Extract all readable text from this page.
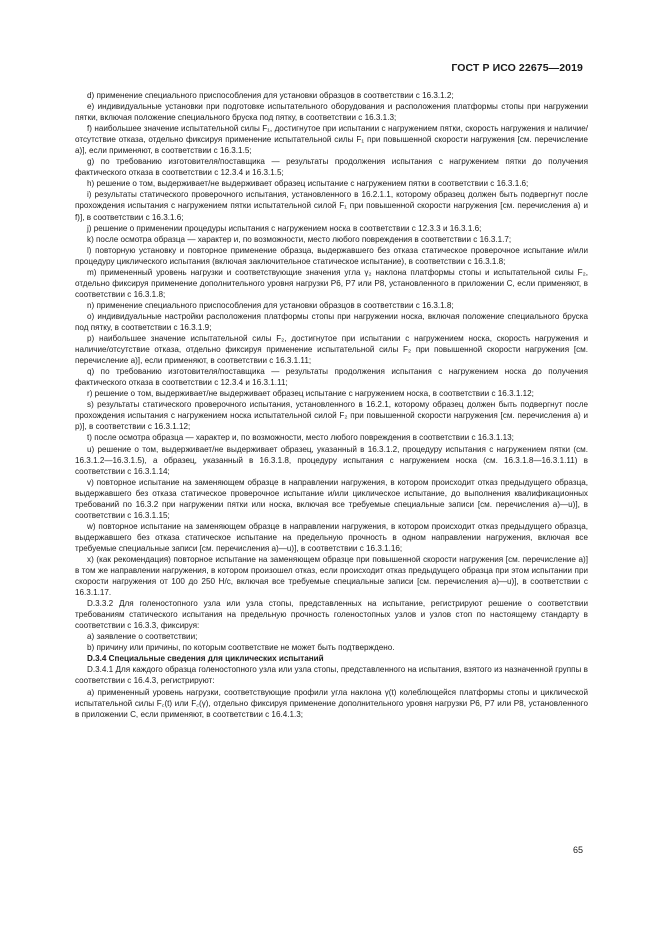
ГОСТ Р ИСО 22675—2019

d) применение специального приспособления для установки образцов в соответствии с 16.3.1.2;

e) индивидуальные установки при подготовке испытательного оборудования и расположения платформы стопы при нагружении пятки, включая положение специального бруска под пятку, в соответствии с 16.3.1.3;

f) наибольшее значение испытательной силы F₁, достигнутое при испытании с нагружением пятки, скорость нагружения и наличие/отсутствие отказа, отдельно фиксируя применение испытательной силы F₁ при повышенной скорости нагружения [см. перечисление a)], если применяют, в соответствии с 16.3.1.5;

g) по требованию изготовителя/поставщика — результаты продолжения испытания с нагружением пятки до получения фактического отказа в соответствии с 12.3.4 и 16.3.1.5;

h) решение о том, выдерживает/не выдерживает образец испытание с нагружением пятки в соответствии с 16.3.1.6;

i) результаты статического проверочного испытания, установленного в 16.2.1.1, которому образец должен быть подвергнут после прохождения испытания с нагружением пятки испытательной силой F₁ при повышенной скорости нагружения [см. перечисления a) и f)], в соответствии с 16.3.1.6;

j) решение о применении процедуры испытания с нагружением носка в соответствии с 12.3.3 и 16.3.1.6;

k) после осмотра образца — характер и, по возможности, место любого повреждения в соответствии с 16.3.1.7;

l) повторную установку и повторное применение образца, выдержавшего без отказа статическое проверочное испытание и/или процедуру циклического испытания (включая заключительное статическое испытание), в соответствии с 16.3.1.8;

m) примененный уровень нагрузки и соответствующие значения угла γ₂ наклона платформы стопы и испытательной силы F₂, отдельно фиксируя применение дополнительного уровня нагрузки P6, P7 или P8, установленного в приложении C, если применяют, в соответствии с 16.3.1.8;

n) применение специального приспособления для установки образцов в соответствии с 16.3.1.8;

o) индивидуальные настройки расположения платформы стопы при нагружении носка, включая положение специального бруска под пятку, в соответствии с 16.3.1.9;

p) наибольшее значение испытательной силы F₂, достигнутое при испытании с нагружением носка, скорость нагружения и наличие/отсутствие отказа, отдельно фиксируя применение испытательной силы F₂ при повышенной скорости нагружения [см. перечисление a)], если применяют, в соответствии с 16.3.1.11;

q) по требованию изготовителя/поставщика — результаты продолжения испытания с нагружением носка до получения фактического отказа в соответствии с 12.3.4 и 16.3.1.11;

r) решение о том, выдерживает/не выдерживает образец испытание с нагружением носка, в соответствии с 16.3.1.12;

s) результаты статического проверочного испытания, установленного в 16.2.1, которому образец должен быть подвергнут после прохождения испытания с нагружением носка испытательной силой F₂ при повышенной скорости нагружения [см. перечисления a) и p)], в соответствии с 16.3.1.12;

t) после осмотра образца — характер и, по возможности, место любого повреждения в соответствии с 16.3.1.13;

u) решение о том, выдерживает/не выдерживает образец, указанный в 16.3.1.2, процедуру испытания с нагружением пятки (см. 16.3.1.2—16.3.1.5), а образец, указанный в 16.3.1.8, процедуру испытания с нагружением носка (см. 16.3.1.8—16.3.1.11) в соответствии с 16.3.1.14;

v) повторное испытание на заменяющем образце в направлении нагружения, в котором происходит отказ предыдущего образца, выдержавшего без отказа статическое проверочное испытание и/или циклическое испытание, до выполнения квалификационных требований по 16.3.2 при нагружении пятки или носка, включая все требуемые специальные записи [см. перечисления a)—u)], в соответствии с 16.3.1.15;

w) повторное испытание на заменяющем образце в направлении нагружения, в котором происходит отказ предыдущего образца, выдержавшего без отказа статическое испытание на предельную прочность в одном направлении нагружения, включая все требуемые специальные записи [см. перечисления a)—u)], в соответствии с 16.3.1.16;

x) (как рекомендация) повторное испытание на заменяющем образце при повышенной скорости нагружения [см. перечисление a)] в том же направлении нагружения, в котором произошел отказ, если происходит отказ предыдущего образца при этом испытании при скорости нагружения от 100 до 250 Н/с, включая все требуемые специальные записи [см. перечисления a)—u)], в соответствии с 16.3.1.17.

D.3.3.2 Для голеностопного узла или узла стопы, представленных на испытание, регистрируют решение о соответствии требованиям статического испытания на предельную прочность голеностопных узлов и узлов стоп по настоящему стандарту в соответствии с 16.3.3, фиксируя:

a) заявление о соответствии;

b) причину или причины, по которым соответствие не может быть подтверждено.

D.3.4 Специальные сведения для циклических испытаний

D.3.4.1 Для каждого образца голеностопного узла или узла стопы, представленного на испытания, взятого из назначенной группы в соответствии с 16.4.3, регистрируют:

a) примененный уровень нагрузки, соответствующие профили угла наклона γ(t) колеблющейся платформы стопы и циклической испытательной силы F꜀(t) или F꜀(γ), отдельно фиксируя применение дополнительного уровня нагрузки P6, P7 или P8, установленного в приложении C, если применяют, в соответствии с 16.4.1.3;

65
